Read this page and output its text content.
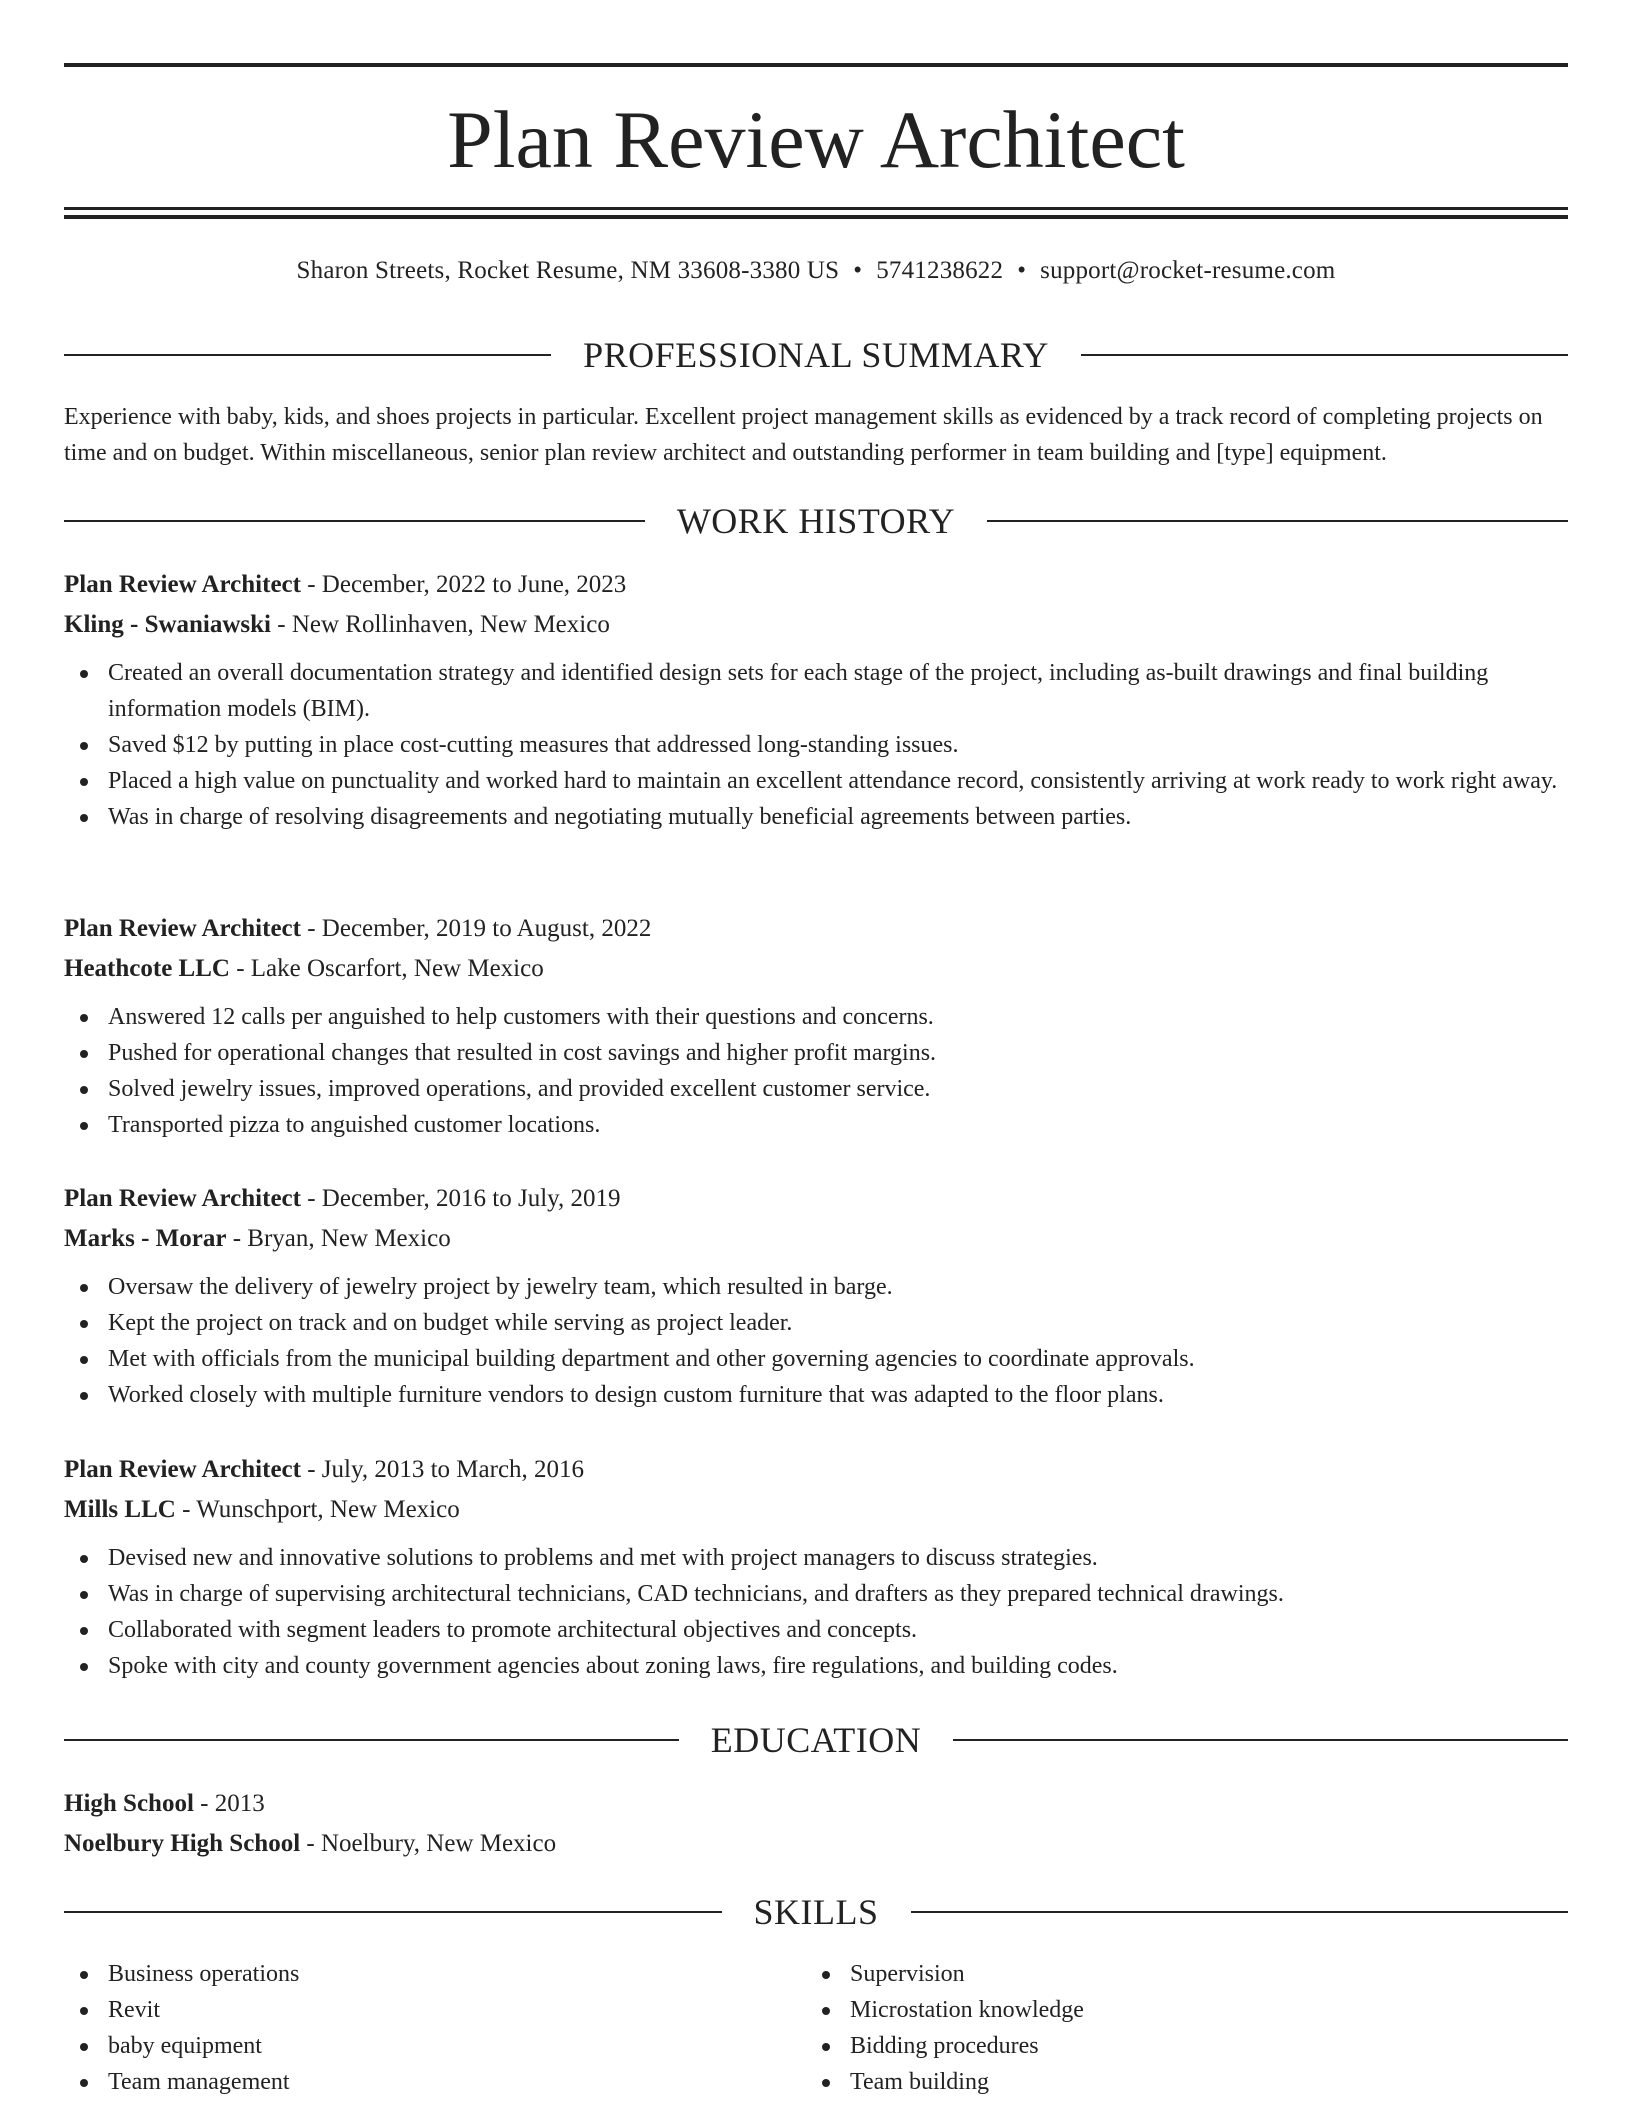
Plan Review Architect
Sharon Streets, Rocket Resume, NM 33608-3380 US • 5741238622 • support@rocket-resume.com
PROFESSIONAL SUMMARY

Experience with baby, kids, and shoes projects in particular. Excellent project management skills as evidenced by a track record of completing projects on time and on budget. Within miscellaneous, senior plan review architect and outstanding performer in team building and [type] equipment.

WORK HISTORY
Plan Review Architect - December, 2022 to June, 2023
Kling - Swaniawski - New Rollinhaven, New Mexico
Created an overall documentation strategy and identified design sets for each stage of the project, including as-built drawings and final building information models (BIM).
Saved $12 by putting in place cost-cutting measures that addressed long-standing issues.
Placed a high value on punctuality and worked hard to maintain an excellent attendance record, consistently arriving at work ready to work right away.
Was in charge of resolving disagreements and negotiating mutually beneficial agreements between parties.
Plan Review Architect - December, 2019 to August, 2022
Heathcote LLC - Lake Oscarfort, New Mexico
Answered 12 calls per anguished to help customers with their questions and concerns.
Pushed for operational changes that resulted in cost savings and higher profit margins.
Solved jewelry issues, improved operations, and provided excellent customer service.
Transported pizza to anguished customer locations.
Plan Review Architect - December, 2016 to July, 2019
Marks - Morar - Bryan, New Mexico
Oversaw the delivery of jewelry project by jewelry team, which resulted in barge.
Kept the project on track and on budget while serving as project leader.
Met with officials from the municipal building department and other governing agencies to coordinate approvals.
Worked closely with multiple furniture vendors to design custom furniture that was adapted to the floor plans.
Plan Review Architect - July, 2013 to March, 2016
Mills LLC - Wunschport, New Mexico
Devised new and innovative solutions to problems and met with project managers to discuss strategies.
Was in charge of supervising architectural technicians, CAD technicians, and drafters as they prepared technical drawings.
Collaborated with segment leaders to promote architectural objectives and concepts.
Spoke with city and county government agencies about zoning laws, fire regulations, and building codes.
EDUCATION
High School - 2013
Noelbury High School - Noelbury, New Mexico
SKILLS
Business operations
Revit
baby equipment
Team management
Supervision
Microstation knowledge
Bidding procedures
Team building
